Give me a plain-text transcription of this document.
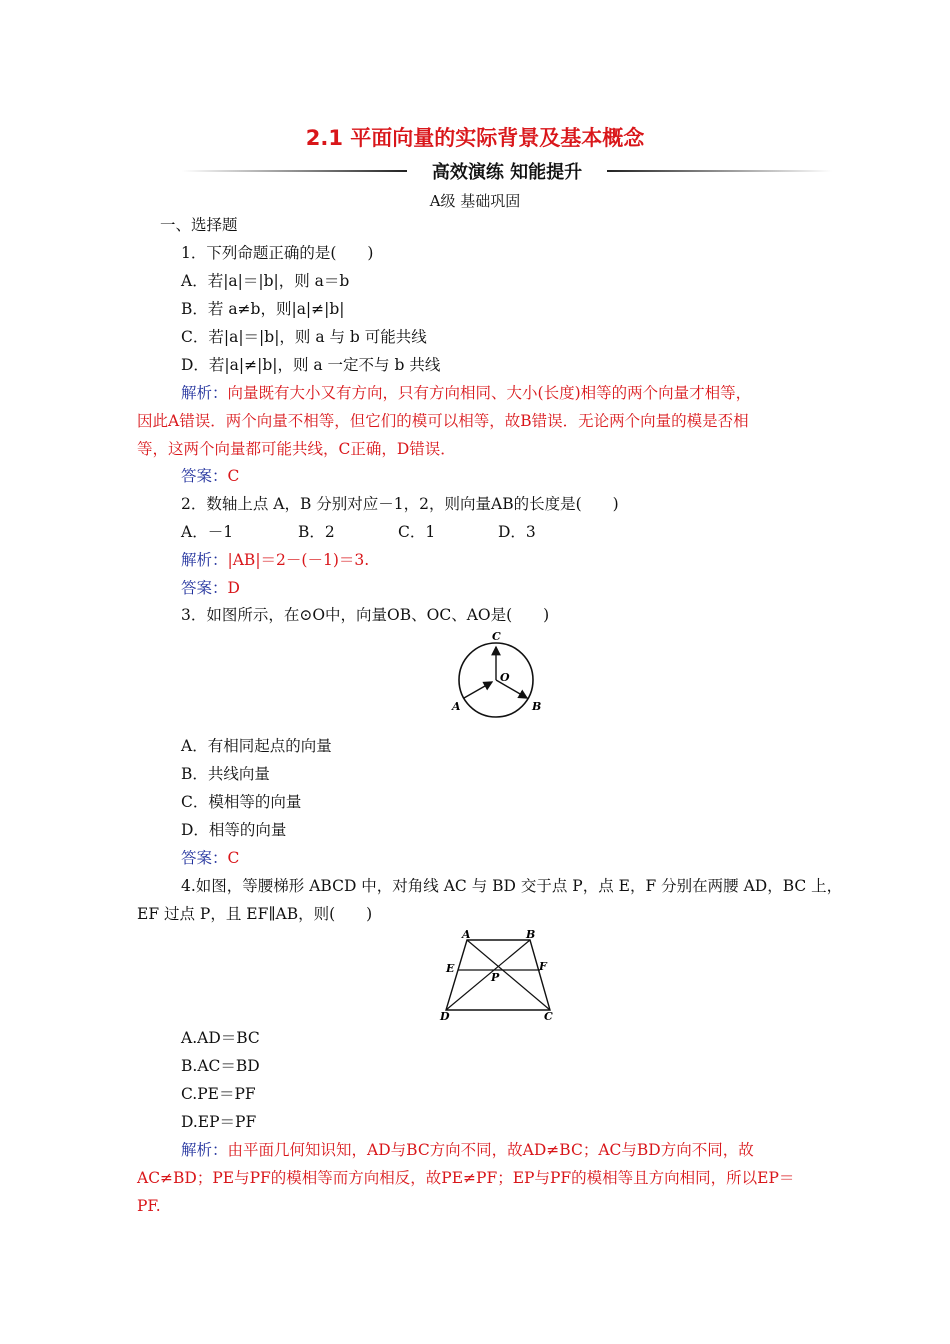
2.1 平面向量的实际背景及基本概念
高效演练 知能提升
A级 基础巩固
一、选择题
1．下列命题正确的是(　　)
A．若|a|＝|b|，则 a＝b
B．若 a≠b，则|a|≠|b|
C．若|a|＝|b|，则 a 与 b 可能共线
D．若|a|≠|b|，则 a 一定不与 b 共线
解析：向量既有大小又有方向，只有方向相同、大小(长度)相等的两个向量才相等，
因此A错误．两个向量不相等，但它们的模可以相等，故B错误．无论两个向量的模是否相
等，这两个向量都可能共线，C正确，D错误．
答案：C
2．数轴上点 A，B 分别对应－1，2，则向量AB的长度是(　　)
A．－1	B．2	C．1	D．3
解析：|AB|＝2－(－1)＝3.
答案：D
3．如图所示，在⊙O中，向量OB、OC、AO是(　　)
C
O
A	B
A．有相同起点的向量
B．共线向量
C．模相等的向量
D．相等的向量
答案：C
4.如图，等腰梯形 ABCD 中，对角线 AC 与 BD 交于点 P，点 E，F 分别在两腰 AD，BC 上，
EF 过点 P，且 EF∥AB，则(　　)
A	B
E	F
P
D	C
A.AD＝BC
B.AC＝BD
C.PE＝PF
D.EP＝PF
解析：由平面几何知识知，AD与BC方向不同，故AD≠BC；AC与BD方向不同，故
AC≠BD；PE与PF的模相等而方向相反，故PE≠PF；EP与PF的模相等且方向相同，所以EP＝
PF.
